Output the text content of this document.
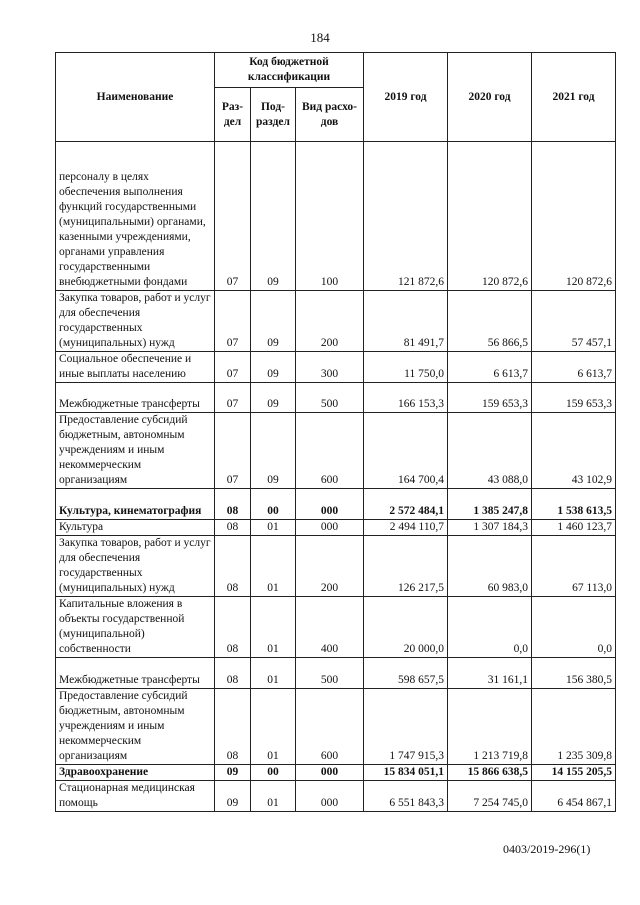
184
Наименование	Код бюджетной классификации			2019 год	2020 год	2021 год
	Раз-дел	Под-раздел	Вид расхо-дов			
персоналу в целях обеспечения выполнения функций государственными (муниципальными) органами, казенными учреждениями, органами управления государственными внебюджетными фондами	07	09	100	121 872,6	120 872,6	120 872,6
Закупка товаров, работ и услуг для обеспечения государственных (муниципальных) нужд	07	09	200	81 491,7	56 866,5	57 457,1
Социальное обеспечение и иные выплаты населению	07	09	300	11 750,0	6 613,7	6 613,7
Межбюджетные трансферты	07	09	500	166 153,3	159 653,3	159 653,3
Предоставление субсидий бюджетным, автономным учреждениям и иным некоммерческим организациям	07	09	600	164 700,4	43 088,0	43 102,9
Культура, кинематография	08	00	000	2 572 484,1	1 385 247,8	1 538 613,5
Культура	08	01	000	2 494 110,7	1 307 184,3	1 460 123,7
Закупка товаров, работ и услуг для обеспечения государственных (муниципальных) нужд	08	01	200	126 217,5	60 983,0	67 113,0
Капитальные вложения в объекты государственной (муниципальной) собственности	08	01	400	20 000,0	0,0	0,0
Межбюджетные трансферты	08	01	500	598 657,5	31 161,1	156 380,5
Предоставление субсидий бюджетным, автономным учреждениям и иным некоммерческим организациям	08	01	600	1 747 915,3	1 213 719,8	1 235 309,8
Здравоохранение	09	00	000	15 834 051,1	15 866 638,5	14 155 205,5
Стационарная медицинская помощь	09	01	000	6 551 843,3	7 254 745,0	6 454 867,1
0403/2019-296(1)
